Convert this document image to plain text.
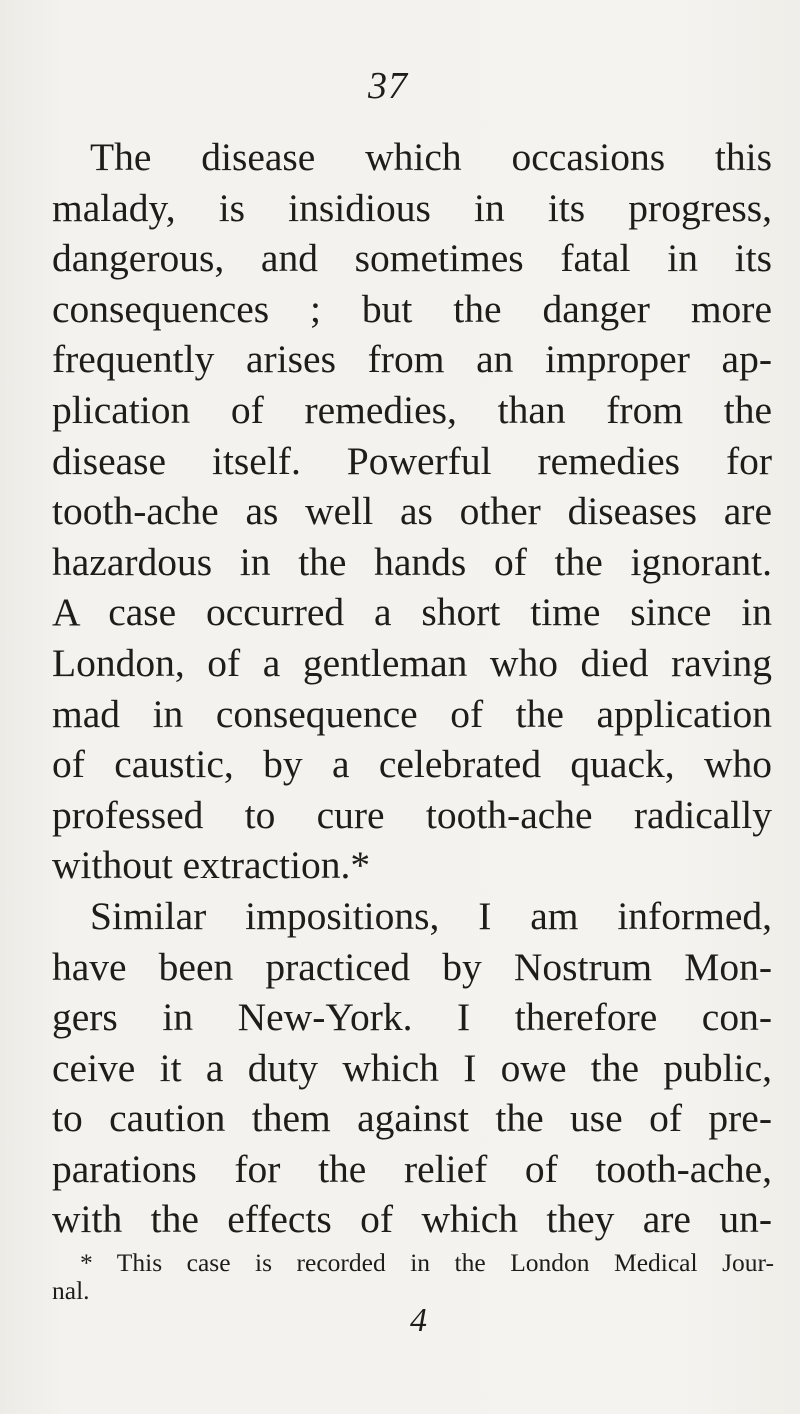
37
The disease which occasions this
malady, is insidious in its progress,
dangerous, and sometimes fatal in its
consequences ; but the danger more
frequently arises from an improper ap-
plication of remedies, than from the
disease itself. Powerful remedies for
tooth-ache as well as other diseases are
hazardous in the hands of the ignorant.
A case occurred a short time since in
London, of a gentleman who died raving
mad in consequence of the application
of caustic, by a celebrated quack, who
professed to cure tooth-ache radically
without extraction.*
Similar impositions, I am informed,
have been practiced by Nostrum Mon-
gers in New-York. I therefore con-
ceive it a duty which I owe the public,
to caution them against the use of pre-
parations for the relief of tooth-ache,
with the effects of which they are un-
* This case is recorded in the London Medical Jour-
nal.
4
